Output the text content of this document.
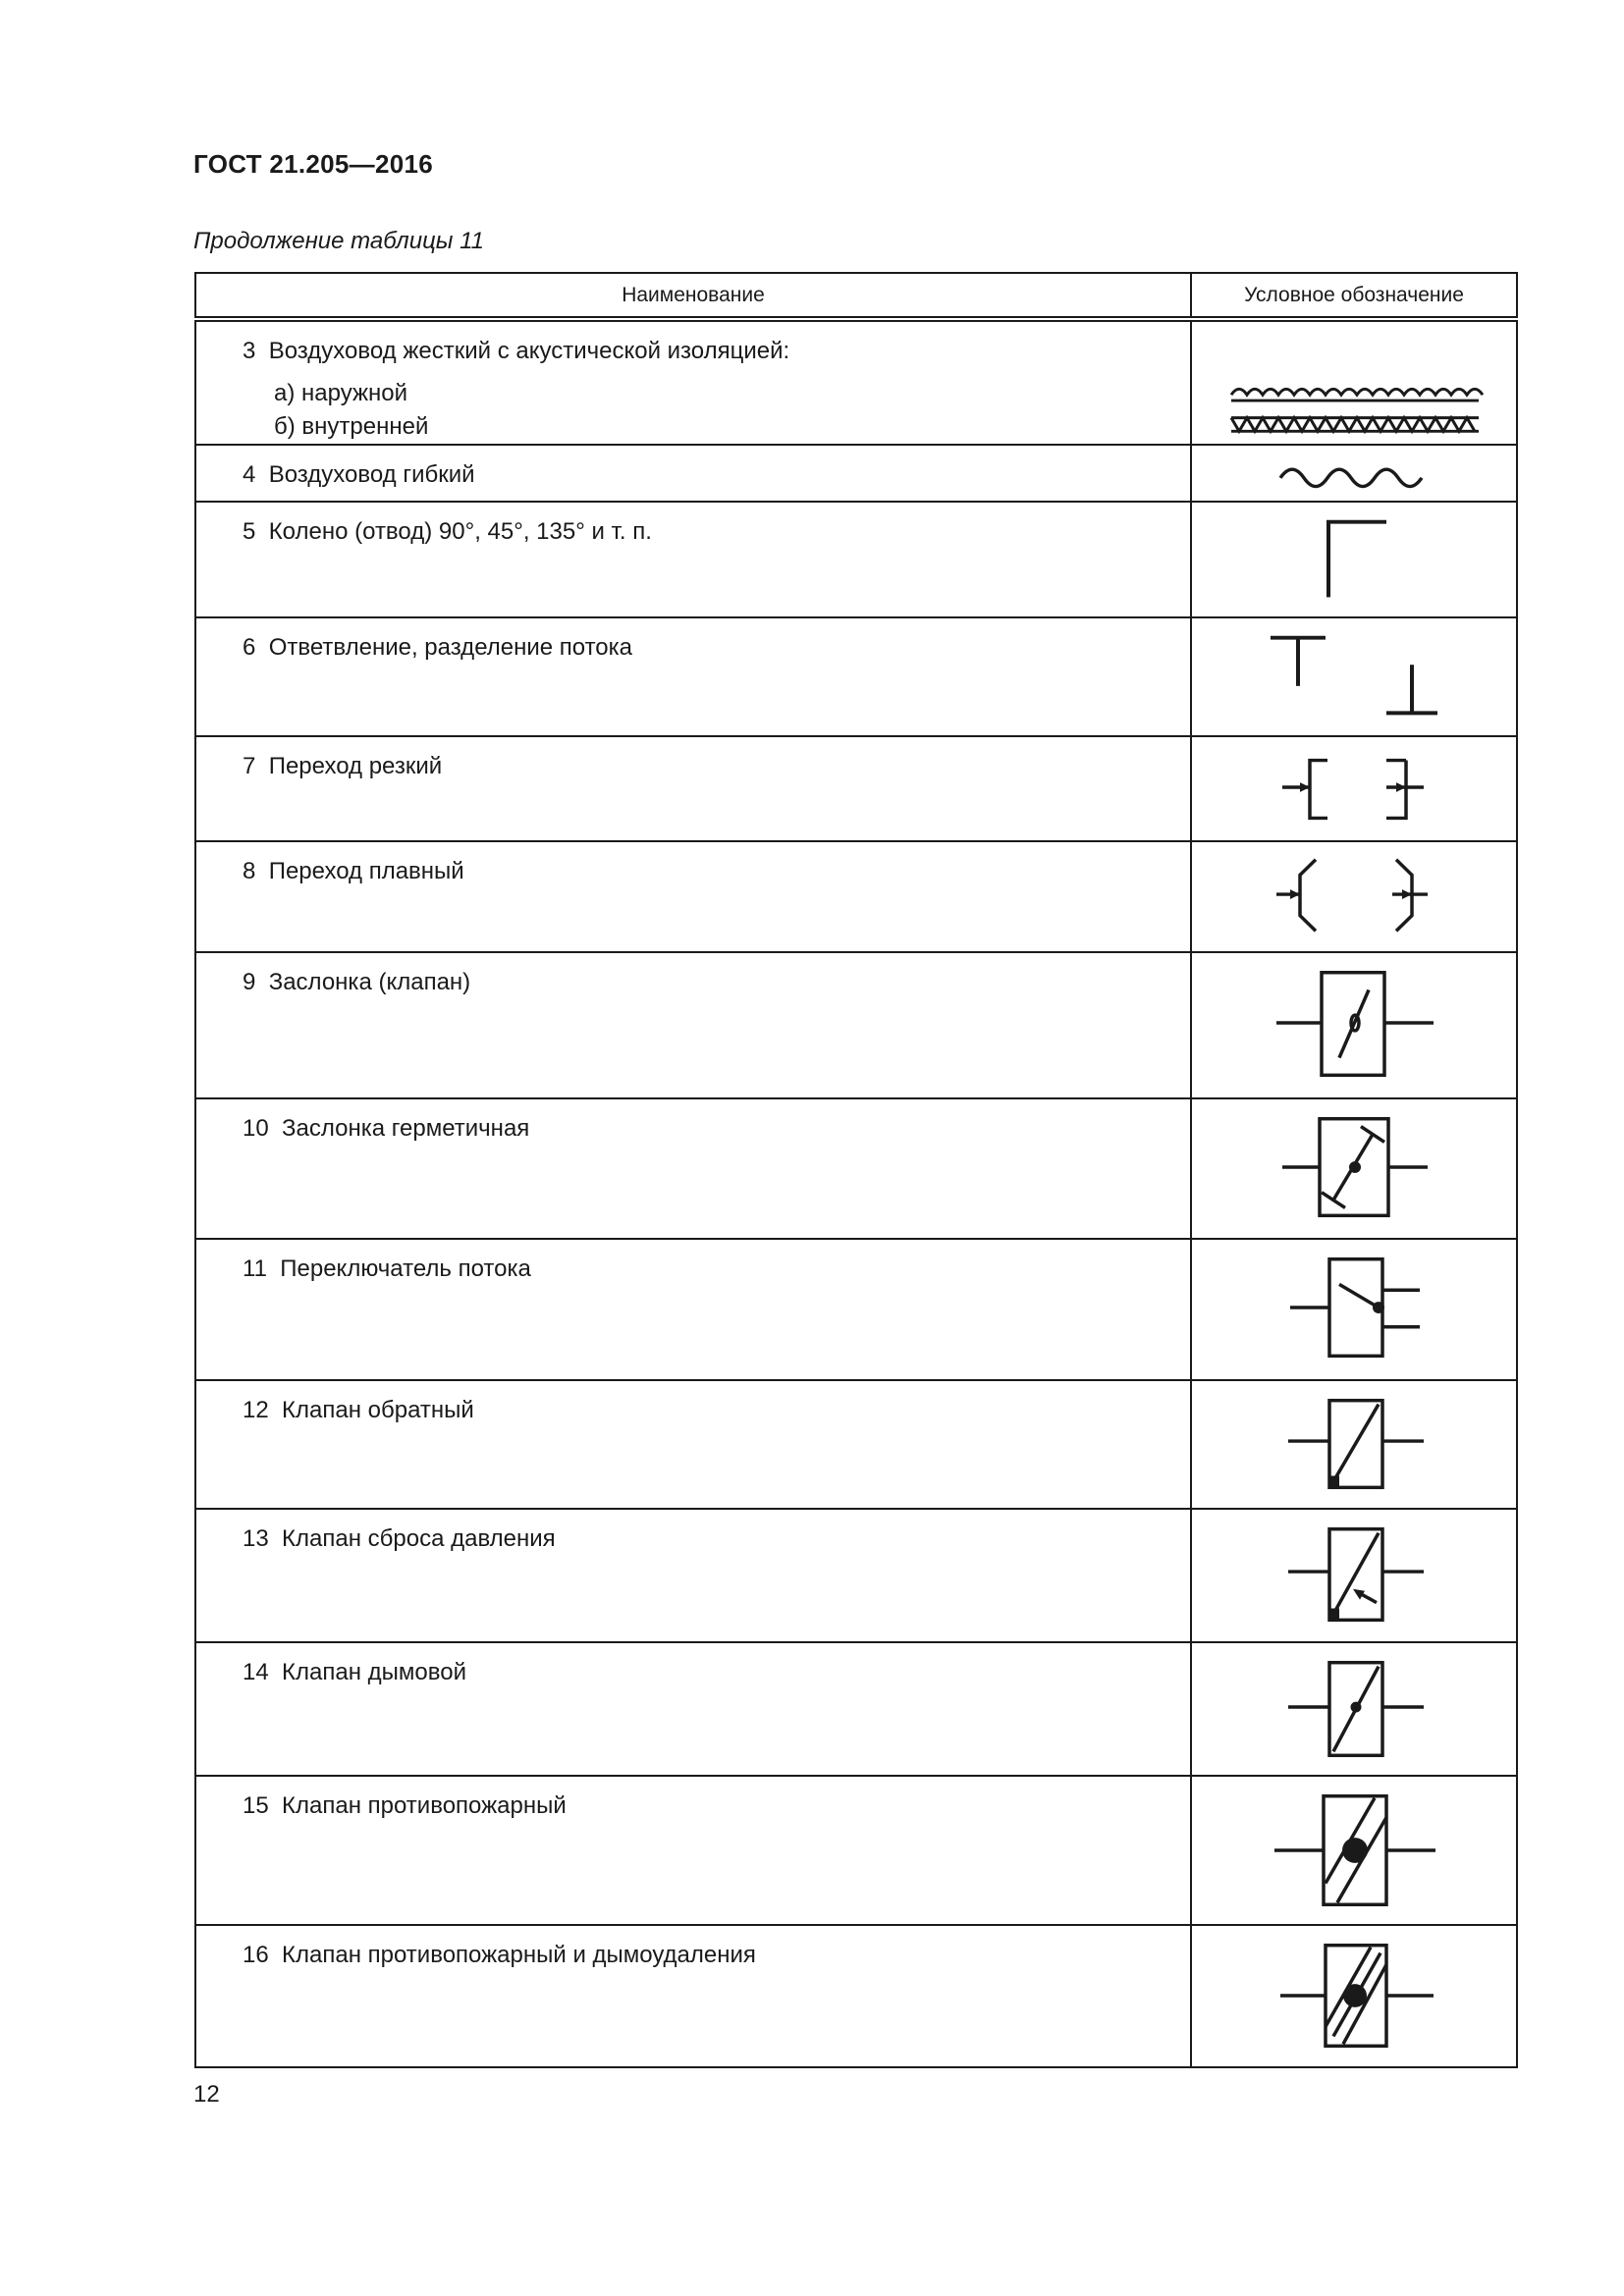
ГОСТ 21.205—2016
Продолжение таблицы 11
Наименование	Условное обозначение

3 Воздуховод жесткий с акустической изоляцией:
а) наружной
б) внутренней

4 Воздуховод гибкий

5 Колено (отвод) 90°, 45°, 135° и т. п.

6 Ответвление, разделение потока

7 Переход резкий

8 Переход плавный

9 Заслонка (клапан)

10 Заслонка герметичная

11 Переключатель потока

12 Клапан обратный

13 Клапан сброса давления

14 Клапан дымовой

15 Клапан противопожарный

16 Клапан противопожарный и дымоудаления

12
